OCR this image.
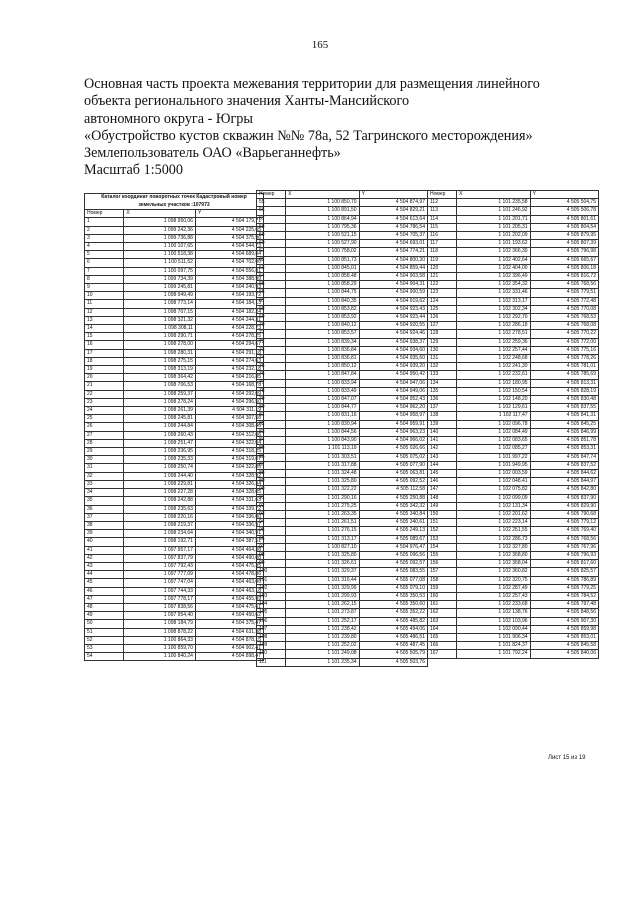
165
Основная часть проекта межевания территории для размещения линейного
объекта регионального значения Ханты-Мансийского
автономного округа - Югры
«Обустройство кустов скважин №№ 78а, 52 Тагринского месторождения»
Землепользователь ОАО «Варьеганнефть»
Масштаб 1:5000
Каталог координат поворотных точек Кадастровый номер земельных участков :107973		
Номер	X	Y
1	1 098 950,06	4 504 179,71
2	1 099 242,36	4 504 225,65
3	1 099 736,88	4 504 375,96
4	1 100 107,65	4 504 544,73
5	1 100 518,38	4 504 689,84
6	1 100 511,52	4 504 702,00
7	1 100 097,75	4 504 556,81
8	1 099 734,39	4 504 388,99
9	1 099 245,81	4 504 240,93
10	1 098 949,49	4 504 193,72
11	1 098 773,14	4 504 184,13
12	1 098 707,15	4 504 182,24
13	1 098 321,32	4 504 244,31
14	1 098 308,11	4 504 228,73
15	1 098 290,71	4 504 278,25
16	1 098 278,00	4 504 294,67
17	1 098 280,31	4 504 291,18
18	1 098 275,15	4 504 274,63
19	1 098 313,19	4 504 232,18
20	1 098 364,42	4 504 216,85
21	1 098 706,53	4 504 168,78
22	1 098 259,37	4 504 292,09
23	1 098 278,24	4 504 296,50
24	1 098 261,39	4 504 311,19
25	1 098 245,81	4 504 307,58
26	1 098 244,84	4 504 308,46
27	1 098 260,43	4 504 312,06
28	1 098 251,47	4 504 322,04
29	1 098 236,95	4 504 318,25
30	1 098 235,33	4 504 319,07
31	1 098 250,74	4 504 322,85
32	1 098 244,40	4 504 328,92
33	1 098 229,81	4 504 326,34
34	1 098 227,28	4 504 328,05
35	1 098 242,88	4 504 331,63
36	1 098 235,63	4 504 339,72
37	1 098 220,16	4 504 336,00
38	1 098 219,37	4 504 336,97
39	1 098 234,64	4 504 340,91
40	1 098 192,71	4 504 387,51
41	1 097 957,17	4 504 464,38
42	1 097 837,79	4 504 490,08
43	1 097 792,43	4 504 475,35
44	1 097 777,09	4 504 478,86
45	1 097 747,04	4 504 463,06
46	1 097 744,33	4 504 463,18
47	1 097 778,17	4 504 455,99
48	1 097 838,56	4 504 475,61
49	1 097 954,40	4 504 450,62
50	1 098 184,79	4 504 375,47
51	1 098 878,22	4 504 631,38
52	1 100 864,33	4 504 878,15
53	1 100 859,70	4 504 902,41
54	1 100 840,24	4 504 898,47
Номер	X	Y
55	1 100 850,70	4 504 874,97
56	1 100 891,50	4 504 829,21
57	1 100 864,94	4 504 613,64
58	1 100 795,36	4 504 786,54
59	1 100 521,15	4 504 705,37
60	1 100 527,90	4 504 693,01
61	1 100 758,02	4 504 774,21
62	1 100 851,73	4 504 800,30
63	1 100 845,01	4 504 859,44
64	1 100 858,48	4 504 903,58
65	1 100 858,29	4 504 904,31
66	1 100 844,75	4 504 900,59
67	1 100 840,35	4 504 919,62
68	1 100 853,82	4 504 923,43
69	1 100 853,92	4 504 923,44
70	1 100 840,12	4 504 920,55
71	1 100 853,57	4 504 924,46
72	1 100 839,34	4 504 938,37
73	1 100 836,84	4 504 934,60
74	1 100 836,81	4 504 935,60
75	1 100 850,12	4 504 939,20
76	1 100 847,84	4 504 950,42
77	1 100 833,94	4 504 947,06
78	1 100 833,49	4 504 949,06
79	1 100 847,07	4 504 952,43
80	1 100 844,77	4 504 962,20
81	1 100 831,16	4 504 958,97
82	1 100 830,94	4 504 959,91
83	1 100 844,56	4 504 963,23
84	1 100 843,90	4 504 966,02
85	1 101 113,19	4 505 026,66
86	1 101 303,51	4 505 075,02
87	1 101 317,88	4 505 077,90
88	1 101 324,48	4 505 063,81
89	1 101 325,80	4 505 092,52
90	1 101 322,22	4 505 112,58
91	1 101 290,16	4 505 250,88
92	1 101 275,25	4 505 342,32
93	1 101 263,35	4 505 340,84
94	1 101 261,51	4 505 340,61
95	1 101 276,15	4 505 249,13
96	1 101 313,17	4 505 089,67
97	1 100 827,10	4 504 976,47
98	1 101 325,80	4 505 096,56
99	1 101 326,61	4 505 092,57
100	1 101 329,37	4 505 083,55
101	1 101 316,44	4 505 077,08
102	1 101 329,99	4 505 079,10
103	1 101 299,93	4 505 350,53
104	1 101 262,15	4 505 350,60
105	1 101 273,87	4 505 352,22
106	1 101 252,17	4 505 485,82
107	1 101 238,42	4 505 494,06
108	1 101 239,80	4 505 486,51
109	1 101 252,02	4 505 487,45
110	1 101 249,08	4 505 505,79
111	1 101 235,34	4 505 503,76
Номер	X	Y
112	1 101 235,58	4 505 504,75
113	1 101 246,92	4 505 506,78
114	1 101 201,71	4 505 801,61
115	1 101 205,31	4 505 804,54
116	1 101 202,09	4 505 879,95
117	1 101 193,62	4 505 807,39
118	1 102 366,30	4 505 796,98
119	1 102 402,64	4 505 665,67
120	1 102 404,00	4 505 806,18
121	1 102 396,49	4 505 816,72
122	1 102 354,32	4 505 768,56
123	1 102 331,46	4 505 779,51
124	1 102 313,17	4 505 772,48
125	1 102 302,34	4 505 770,08
126	1 102 292,70	4 505 768,53
127	1 102 286,18	4 505 768,08
128	1 102 278,51	4 505 770,22
129	1 102 259,36	4 505 772,00
130	1 102 257,44	4 505 775,16
131	1 102 248,68	4 505 778,26
132	1 102 241,30	4 505 781,01
133	1 102 232,61	4 505 785,69
134	1 102 180,95	4 505 813,31
135	1 102 150,54	4 505 828,19
136	1 102 148,20	4 505 830,48
137	1 102 129,61	4 505 837,55
138	1 102 117,47	4 505 841,31
139	1 102 096,78	4 505 845,25
140	1 102 084,49	4 505 846,99
141	1 102 083,65	4 505 851,78
142	1 102 085,27	4 505 853,31
143	1 101 997,22	4 505 847,74
144	1 101 949,95	4 505 837,52
145	1 102 003,59	4 505 844,62
146	1 102 048,41	4 505 844,97
147	1 102 075,82	4 505 842,80
148	1 102 099,09	4 505 837,90
149	1 102 131,34	4 505 829,90
150	1 102 201,62	4 505 790,68
151	1 102 223,14	4 505 779,12
152	1 102 251,55	4 505 769,40
153	1 102 286,73	4 505 768,56
154	1 102 327,80	4 505 767,96
155	1 102 368,80	4 505 796,93
156	1 102 368,04	4 505 817,60
157	1 102 360,82	4 505 825,57
158	1 102 320,75	4 505 786,89
159	1 102 287,49	4 505 779,25
160	1 102 257,43	4 505 784,52
161	1 102 233,68	4 505 797,48
162	1 102 138,76	4 505 848,56
163	1 102 103,96	4 505 907,30
164	1 102 090,44	4 505 859,98
165	1 101 906,34	4 505 853,01
166	1 101 824,37	4 505 845,58
167	1 101 792,24	4 505 840,06
Лист 15 из 19
